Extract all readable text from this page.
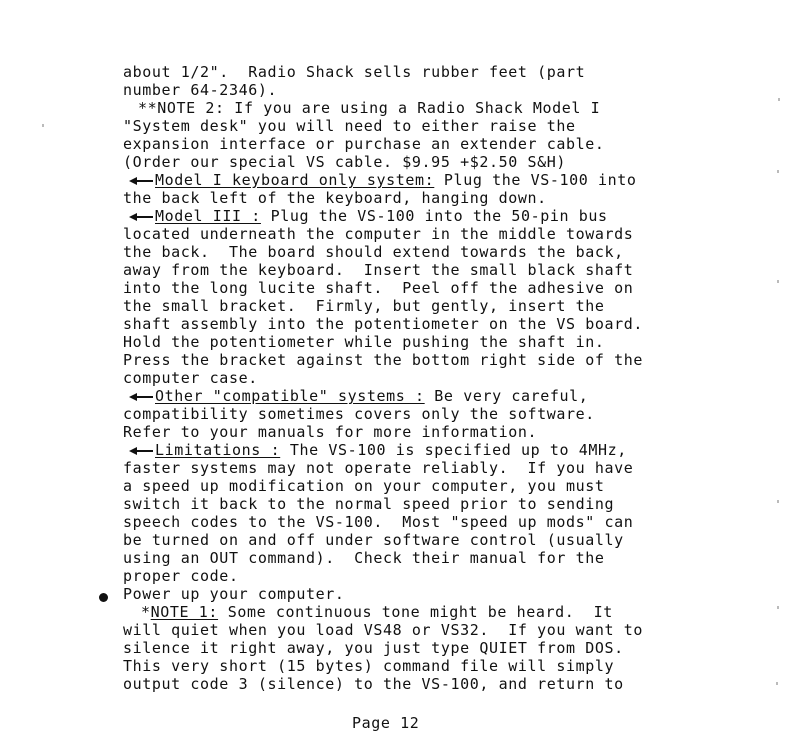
about 1/2".  Radio Shack sells rubber feet (part
number 64-2346).
**NOTE 2: If you are using a Radio Shack Model I
"System desk" you will need to either raise the
expansion interface or purchase an extender cable.
(Order our special VS cable. $9.95 +$2.50 S&H)
Model I keyboard only system: Plug the VS-100 into
the back left of the keyboard, hanging down.
Model III : Plug the VS-100 into the 50-pin bus
located underneath the computer in the middle towards
the back.  The board should extend towards the back,
away from the keyboard.  Insert the small black shaft
into the long lucite shaft.  Peel off the adhesive on
the small bracket.  Firmly, but gently, insert the
shaft assembly into the potentiometer on the VS board.
Hold the potentiometer while pushing the shaft in.
Press the bracket against the bottom right side of the
computer case.
Other "compatible" systems : Be very careful,
compatibility sometimes covers only the software.
Refer to your manuals for more information.
Limitations : The VS-100 is specified up to 4MHz,
faster systems may not operate reliably.  If you have
a speed up modification on your computer, you must
switch it back to the normal speed prior to sending
speech codes to the VS-100.  Most "speed up mods" can
be turned on and off under software control (usually
using an OUT command).  Check their manual for the
proper code.
Power up your computer.
*NOTE 1: Some continuous tone might be heard.  It
will quiet when you load VS48 or VS32.  If you want to
silence it right away, you just type QUIET from DOS.
This very short (15 bytes) command file will simply
output code 3 (silence) to the VS-100, and return to
Page 12
